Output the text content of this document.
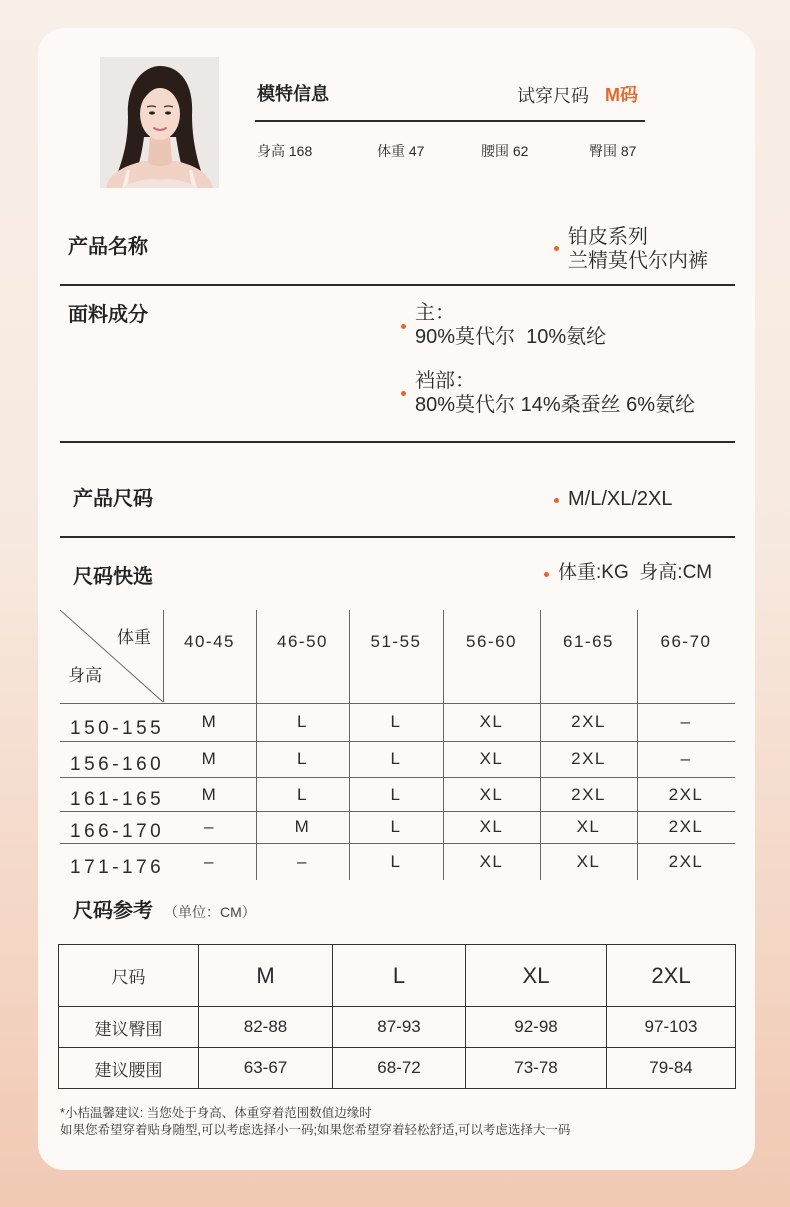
模特信息	试穿尺码 M码
身高 168	体重 47	腰围 62	臀围 87
产品名称	铂皮系列
兰精莫代尔内裤
面料成分	主：
90%莫代尔  10%氨纶
裆部：
80%莫代尔 14%桑蚕丝 6%氨纶
产品尺码	M/L/XL/2XL
尺码快选	体重:KG  身高:CM
体重
身高
40-45	46-50	51-55	56-60	61-65	66-70
150-155	M	L	L	XL	2XL	–
156-160	M	L	L	XL	2XL	–
161-165	M	L	L	XL	2XL	2XL
166-170	–	M	L	XL	XL	2XL
171-176	–	–	L	XL	XL	2XL
尺码参考 （单位：CM）
尺码	M	L	XL	2XL
建议臀围	82-88	87-93	92-98	97-103
建议腰围	63-67	68-72	73-78	79-84
*小桔温馨建议: 当您处于身高、体重穿着范围数值边缘时
如果您希望穿着贴身随型,可以考虑选择小一码;如果您希望穿着轻松舒适,可以考虑选择大一码
